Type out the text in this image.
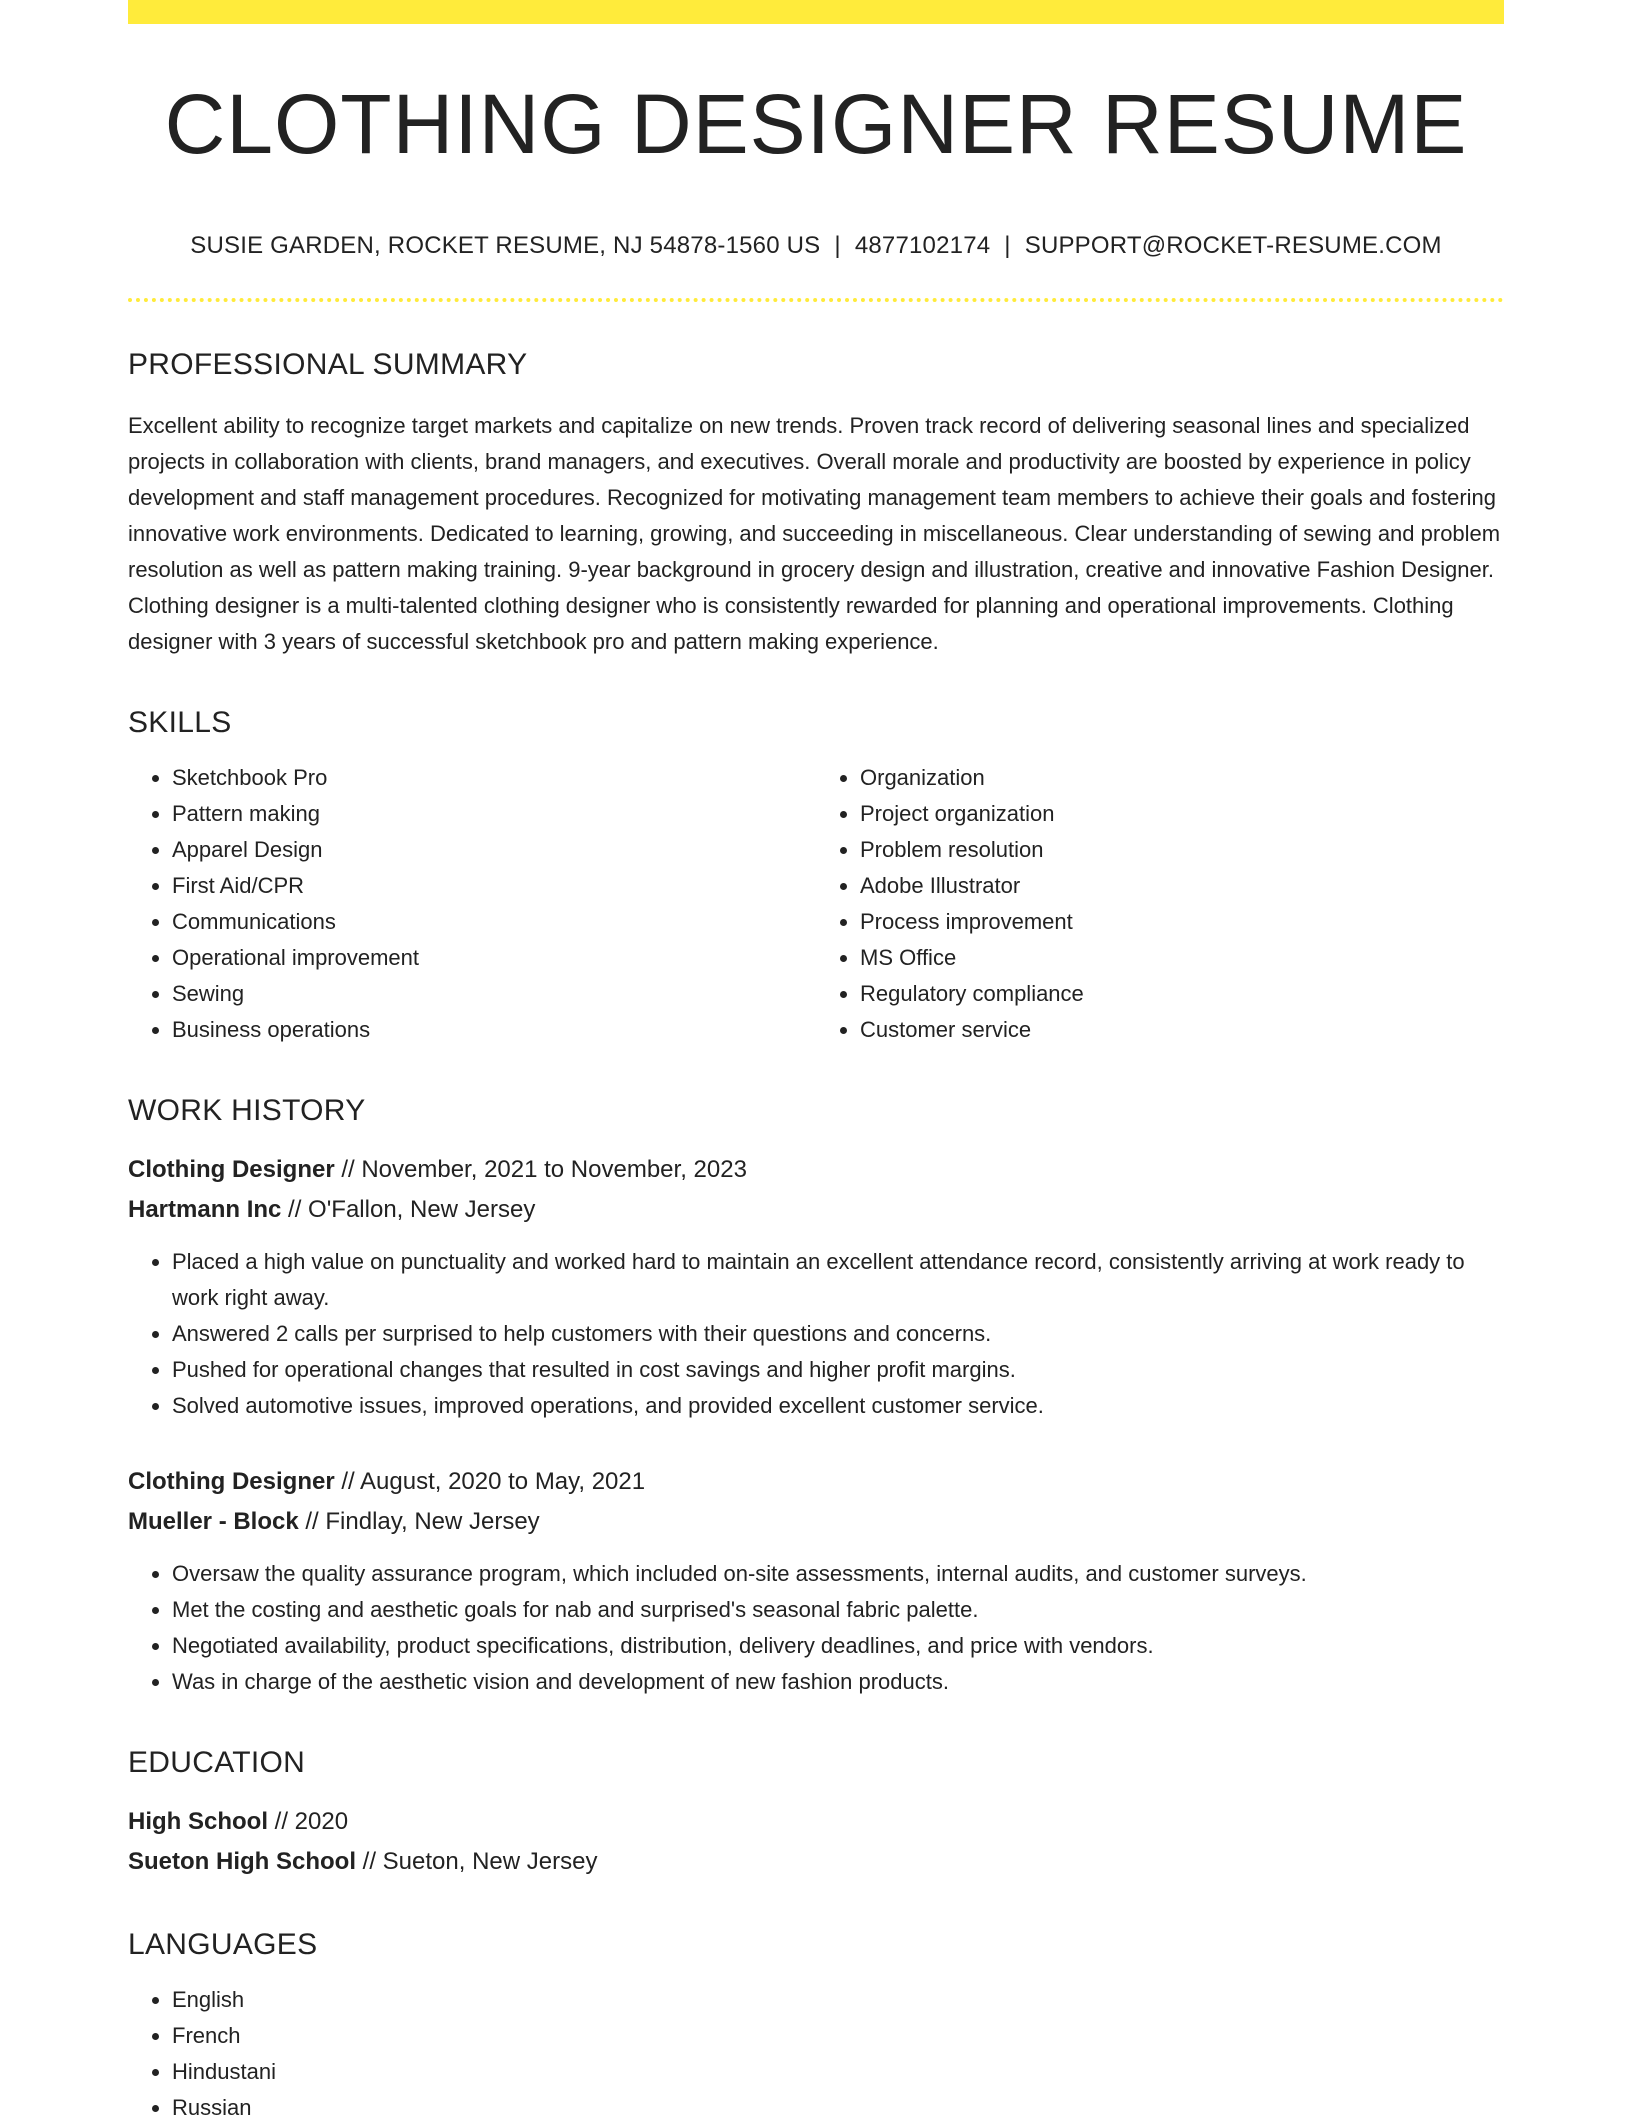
CLOTHING DESIGNER RESUME
SUSIE GARDEN, ROCKET RESUME, NJ 54878-1560 US | 4877102174 | SUPPORT@ROCKET-RESUME.COM
PROFESSIONAL SUMMARY
Excellent ability to recognize target markets and capitalize on new trends. Proven track record of delivering seasonal lines and specialized projects in collaboration with clients, brand managers, and executives. Overall morale and productivity are boosted by experience in policy development and staff management procedures. Recognized for motivating management team members to achieve their goals and fostering innovative work environments. Dedicated to learning, growing, and succeeding in miscellaneous. Clear understanding of sewing and problem resolution as well as pattern making training. 9-year background in grocery design and illustration, creative and innovative Fashion Designer. Clothing designer is a multi-talented clothing designer who is consistently rewarded for planning and operational improvements. Clothing designer with 3 years of successful sketchbook pro and pattern making experience.
SKILLS
• Sketchbook Pro
• Pattern making
• Apparel Design
• First Aid/CPR
• Communications
• Operational improvement
• Sewing
• Business operations
• Organization
• Project organization
• Problem resolution
• Adobe Illustrator
• Process improvement
• MS Office
• Regulatory compliance
• Customer service
WORK HISTORY
Clothing Designer // November, 2021 to November, 2023
Hartmann Inc // O'Fallon, New Jersey
• Placed a high value on punctuality and worked hard to maintain an excellent attendance record, consistently arriving at work ready to work right away.
• Answered 2 calls per surprised to help customers with their questions and concerns.
• Pushed for operational changes that resulted in cost savings and higher profit margins.
• Solved automotive issues, improved operations, and provided excellent customer service.
Clothing Designer // August, 2020 to May, 2021
Mueller - Block // Findlay, New Jersey
• Oversaw the quality assurance program, which included on-site assessments, internal audits, and customer surveys.
• Met the costing and aesthetic goals for nab and surprised's seasonal fabric palette.
• Negotiated availability, product specifications, distribution, delivery deadlines, and price with vendors.
• Was in charge of the aesthetic vision and development of new fashion products.
EDUCATION
High School // 2020
Sueton High School // Sueton, New Jersey
LANGUAGES
• English
• French
• Hindustani
• Russian
